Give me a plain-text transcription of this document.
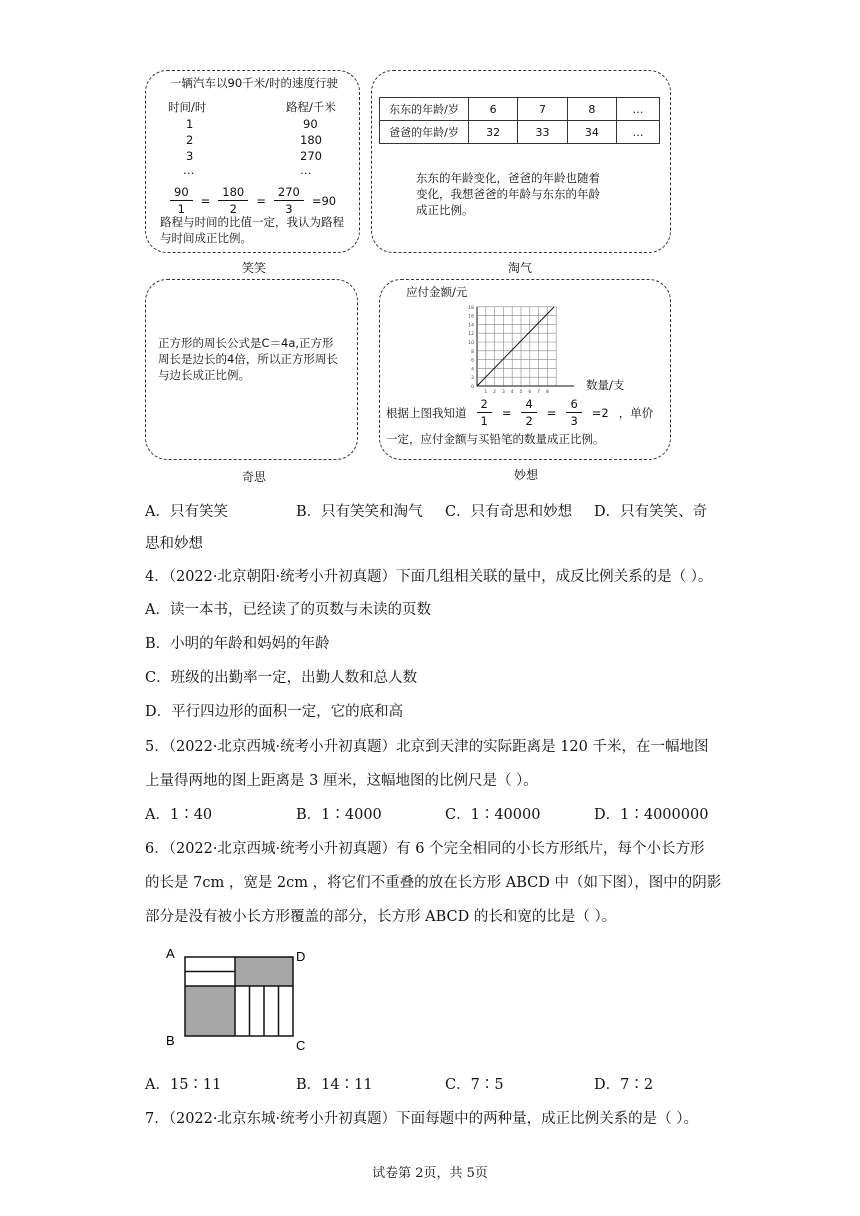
一辆汽车以90千米/时的速度行驶
时间/时	路程/千米
1	90
2	180
3	270
…	…
$\frac{90}{1} = \frac{180}{2} = \frac{270}{3} =90$
路程与时间的比值一定，我认为路程
与时间成正比例。
笑笑
东东的年龄/岁	6	7	8	…
爸爸的年龄/岁	32	33	34	…
东东的年龄变化，爸爸的年龄也随着
变化，我想爸爸的年龄与东东的年龄
成正比例。
淘气
正方形的周长公式是C＝4a,正方形
周长是边长的4倍，所以正方形周长
与边长成正比例。
奇思
应付金额/元
18
16
14
12
10
8
6
4
2
0
1 2 3 4 5 6 7 8
数量/支
根据上图我知道 $\frac{2}{1} = \frac{4}{2} = \frac{6}{3} =2$ ，单价
一定，应付金额与买铅笔的数量成正比例。
妙想
A．只有笑笑	B．只有笑笑和淘气 C．只有奇思和妙想 D．只有笑笑、奇
思和妙想
4．（2022·北京朝阳·统考小升初真题）下面几组相关联的量中，成反比例关系的是（ ）。
A．读一本书，已经读了的页数与未读的页数
B．小明的年龄和妈妈的年龄
C．班级的出勤率一定，出勤人数和总人数
D．平行四边形的面积一定，它的底和高
5．（2022·北京西城·统考小升初真题）北京到天津的实际距离是 120 千米，在一幅地图
上量得两地的图上距离是 3 厘米，这幅地图的比例尺是（ ）。
A．1∶40	B．1∶4000	C．1∶40000	D．1∶4000000
6．（2022·北京西城·统考小升初真题）有 6 个完全相同的小长方形纸片，每个小长方形
的长是 7cm ，宽是 2cm ，将它们不重叠的放在长方形 ABCD 中（如下图），图中的阴影
部分是没有被小长方形覆盖的部分，长方形 ABCD 的长和宽的比是（ ）。
A	D
B	C
A．15∶11	B．14∶11	C．7∶5	D．7∶2
7．（2022·北京东城·统考小升初真题）下面每题中的两种量，成正比例关系的是（ ）。
试卷第 2页，共 5页
